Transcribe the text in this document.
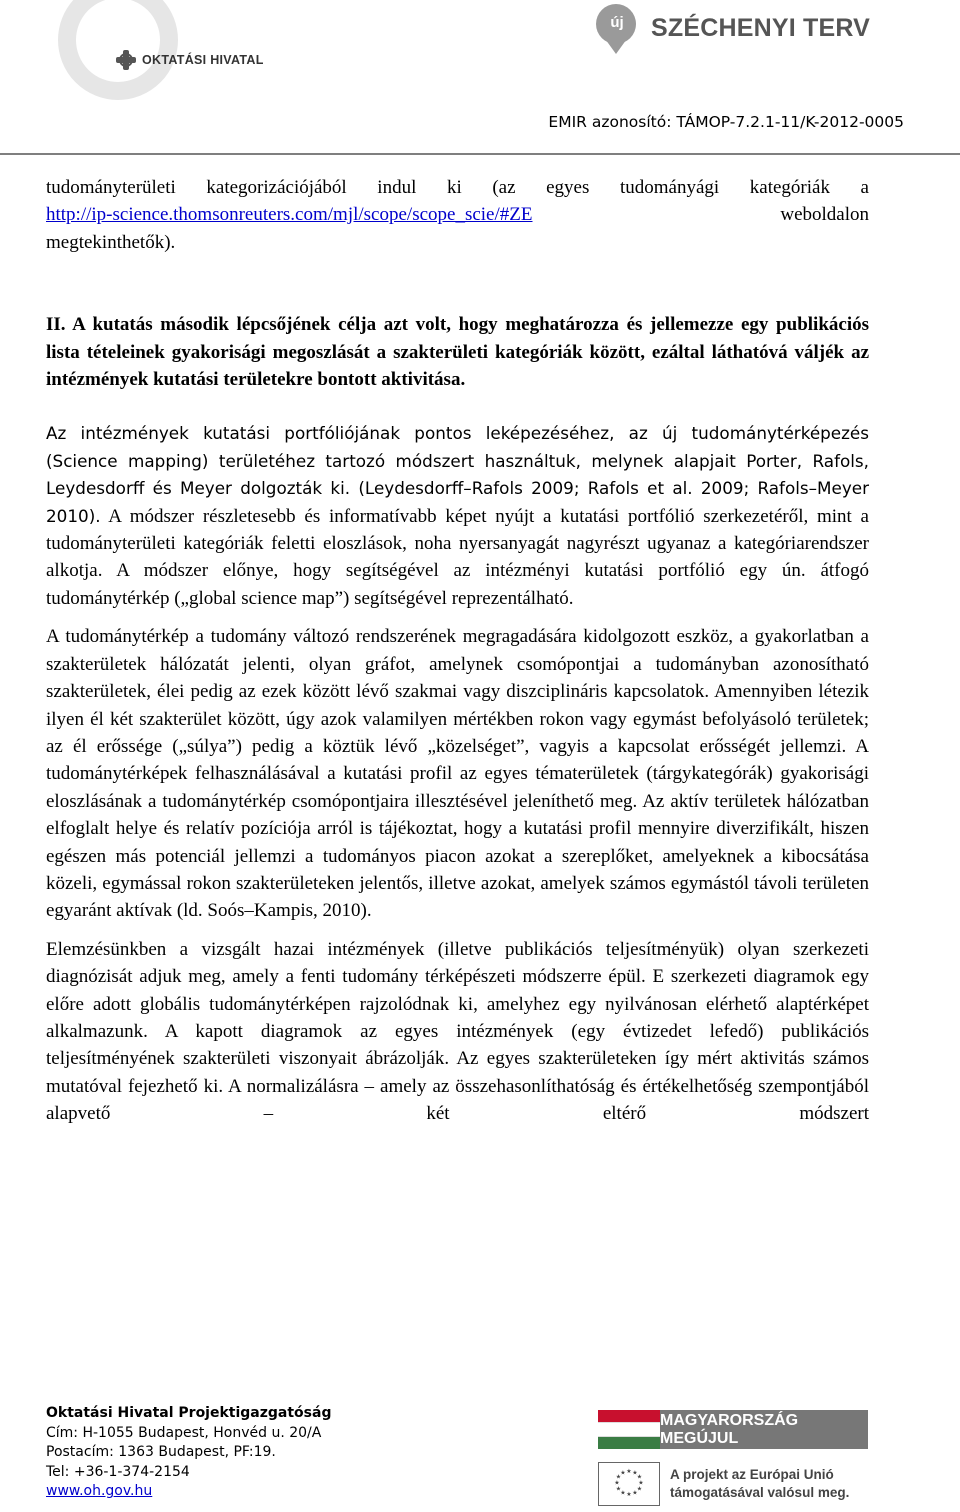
OKTATÁSI HIVATAL
új SZÉCHENYI TERV
EMIR azonosító: TÁMOP-7.2.1-11/K-2012-0005

tudományterületi kategorizációjából indul ki (az egyes tudományági kategóriák a

http://ip-science.thomsonreuters.com/mjl/scope/scope_scie/#ZE	weboldalon

megtekinthetők).

II. A kutatás második lépcsőjének célja azt volt, hogy meghatározza és jellemezze egy publikációs lista tételeinek gyakorisági megoszlását a szakterületi kategóriák között, ezáltal láthatóvá váljék az intézmények kutatási területekre bontott aktivitása.

Az intézmények kutatási portfóliójának pontos leképezéséhez, az új tudománytérképezés (Science mapping) területéhez tartozó módszert használtuk, melynek alapjait Porter, Rafols, Leydesdorff és Meyer dolgozták ki. (Leydesdorff–Rafols 2009; Rafols et al. 2009; Rafols–Meyer 2010). A módszer részletesebb és informatívabb képet nyújt a kutatási portfólió szerkezetéről, mint a tudományterületi kategóriák feletti eloszlások, noha nyersanyagát nagyrészt ugyanaz a kategóriarendszer alkotja. A módszer előnye, hogy segítségével az intézményi kutatási portfólió egy ún. átfogó tudománytérkép („global science map”) segítségével reprezentálható.

A tudománytérkép a tudomány változó rendszerének megragadására kidolgozott eszköz, a gyakorlatban a szakterületek hálózatát jelenti, olyan gráfot, amelynek csomópontjai a tudományban azonosítható szakterületek, élei pedig az ezek között lévő szakmai vagy diszciplináris kapcsolatok. Amennyiben létezik ilyen él két szakterület között, úgy azok valamilyen mértékben rokon vagy egymást befolyásoló területek; az él erőssége („súlya”) pedig a köztük lévő „közelséget”, vagyis a kapcsolat erősségét jellemzi. A tudománytérképek felhasználásával a kutatási profil az egyes tématerületek (tárgykategórák) gyakorisági eloszlásának a tudománytérkép csomópontjaira illesztésével jeleníthető meg. Az aktív területek hálózatban elfoglalt helye és relatív pozíciója arról is tájékoztat, hogy a kutatási profil mennyire diverzifikált, hiszen egészen más potenciál jellemzi a tudományos piacon azokat a szereplőket, amelyeknek a kibocsátása közeli, egymással rokon szakterületeken jelentős, illetve azokat, amelyek számos egymástól távoli területen egyaránt aktívak (ld. Soós–Kampis, 2010).

Elemzésünkben a vizsgált hazai intézmények (illetve publikációs teljesítményük) olyan szerkezeti diagnózisát adjuk meg, amely a fenti tudomány térképészeti módszerre épül. E szerkezeti diagramok egy előre adott globális tudománytérképen rajzolódnak ki, amelyhez egy nyilvánosan elérhető alaptérképet alkalmazunk. A kapott diagramok az egyes intézmények (egy évtizedet lefedő) publikációs teljesítményének szakterületi viszonyait ábrázolják. Az egyes szakterületeken így mért aktivitás számos mutatóval fejezhető ki. A normalizálásra – amely az összehasonlíthatóság és értékelhetőség szempontjából alapvető – két eltérő módszert

Oktatási Hivatal Projektigazgatóság
Cím: H-1055 Budapest, Honvéd u. 20/A
Postacím: 1363 Budapest, PF:19.
Tel: +36-1-374-2154
www.oh.gov.hu
MAGYARORSZÁG MEGÚJUL
★ ★
★
★
★
★
★
★
★
★
★
★	A projekt az Európai Unió
támogatásával valósul meg.
